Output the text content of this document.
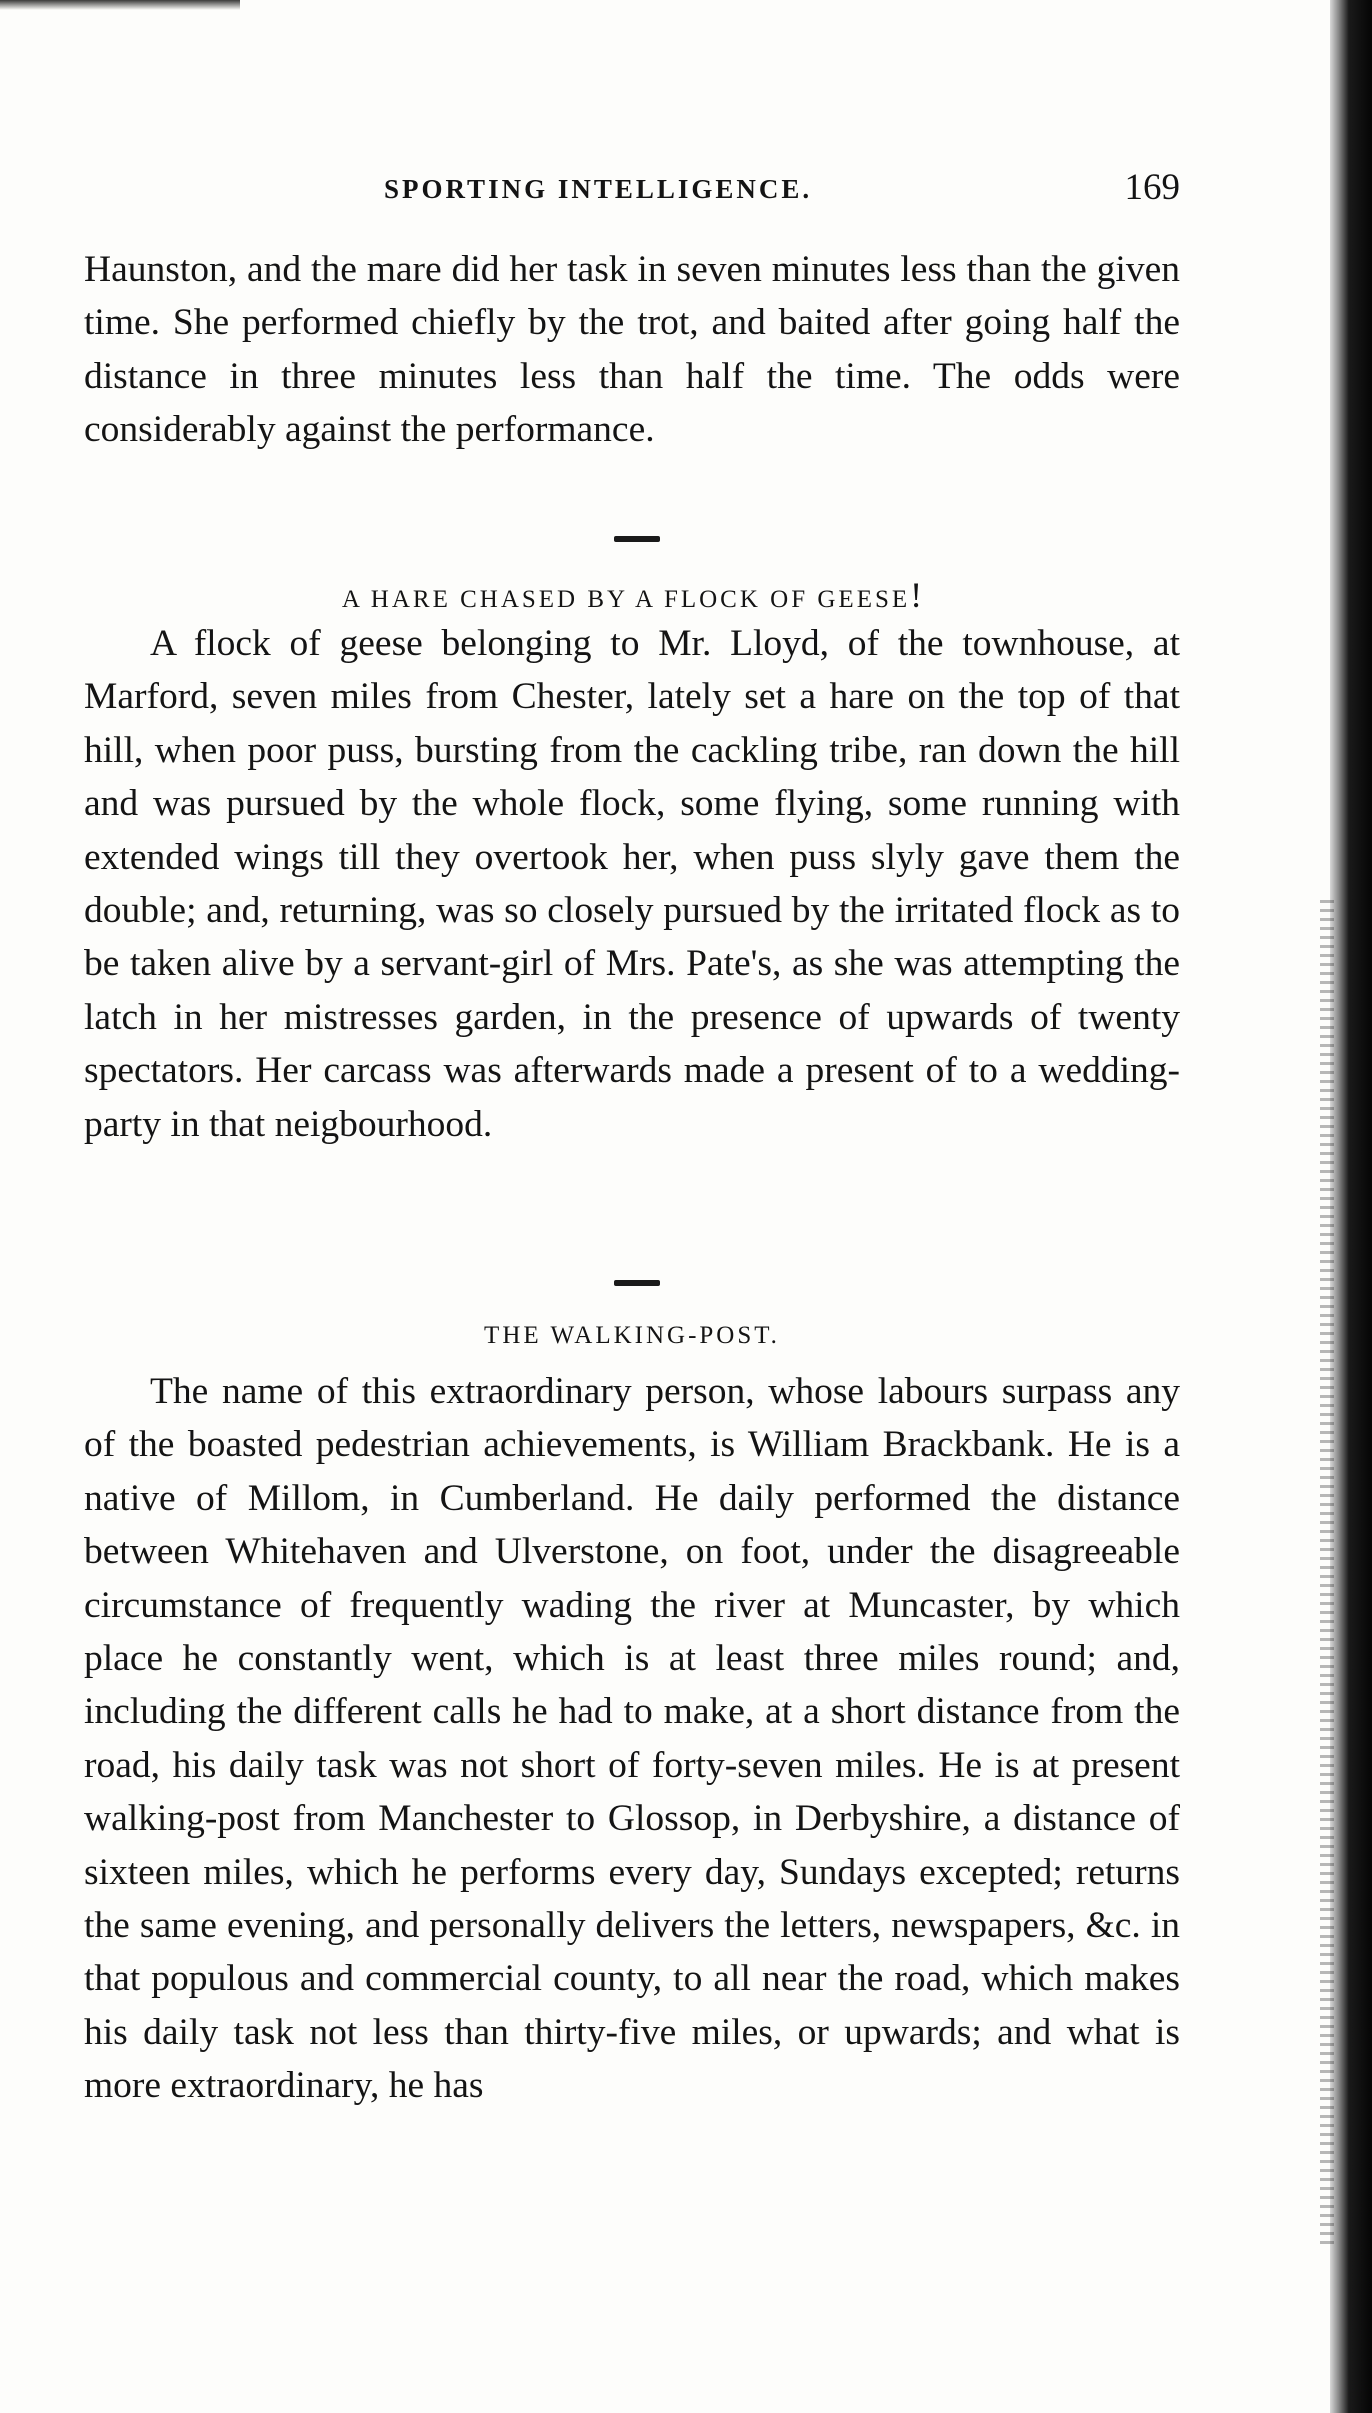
SPORTING INTELLIGENCE.	169

Haunston, and the mare did her task in seven minutes less than the given time. She performed chiefly by the trot, and baited after going half the distance in three minutes less than half the time. The odds were considerably against the performance.

A HARE CHASED BY A FLOCK OF GEESE!

A flock of geese belonging to Mr. Lloyd, of the townhouse, at Marford, seven miles from Chester, lately set a hare on the top of that hill, when poor puss, bursting from the cackling tribe, ran down the hill and was pursued by the whole flock, some flying, some running with extended wings till they overtook her, when puss slyly gave them the double; and, returning, was so closely pursued by the irritated flock as to be taken alive by a servant-girl of Mrs. Pate's, as she was attempting the latch in her mistresses garden, in the presence of upwards of twenty spectators. Her carcass was afterwards made a present of to a wedding-party in that neigbourhood.

THE WALKING-POST.

The name of this extraordinary person, whose labours surpass any of the boasted pedestrian achievements, is William Brackbank. He is a native of Millom, in Cumberland. He daily performed the distance between Whitehaven and Ulverstone, on foot, under the disagreeable circumstance of frequently wading the river at Muncaster, by which place he constantly went, which is at least three miles round; and, including the different calls he had to make, at a short distance from the road, his daily task was not short of forty-seven miles. He is at present walking-post from Manchester to Glossop, in Derbyshire, a distance of sixteen miles, which he performs every day, Sundays excepted; returns the same evening, and personally delivers the letters, newspapers, &c. in that populous and commercial county, to all near the road, which makes his daily task not less than thirty-five miles, or upwards; and what is more extraordinary, he has
